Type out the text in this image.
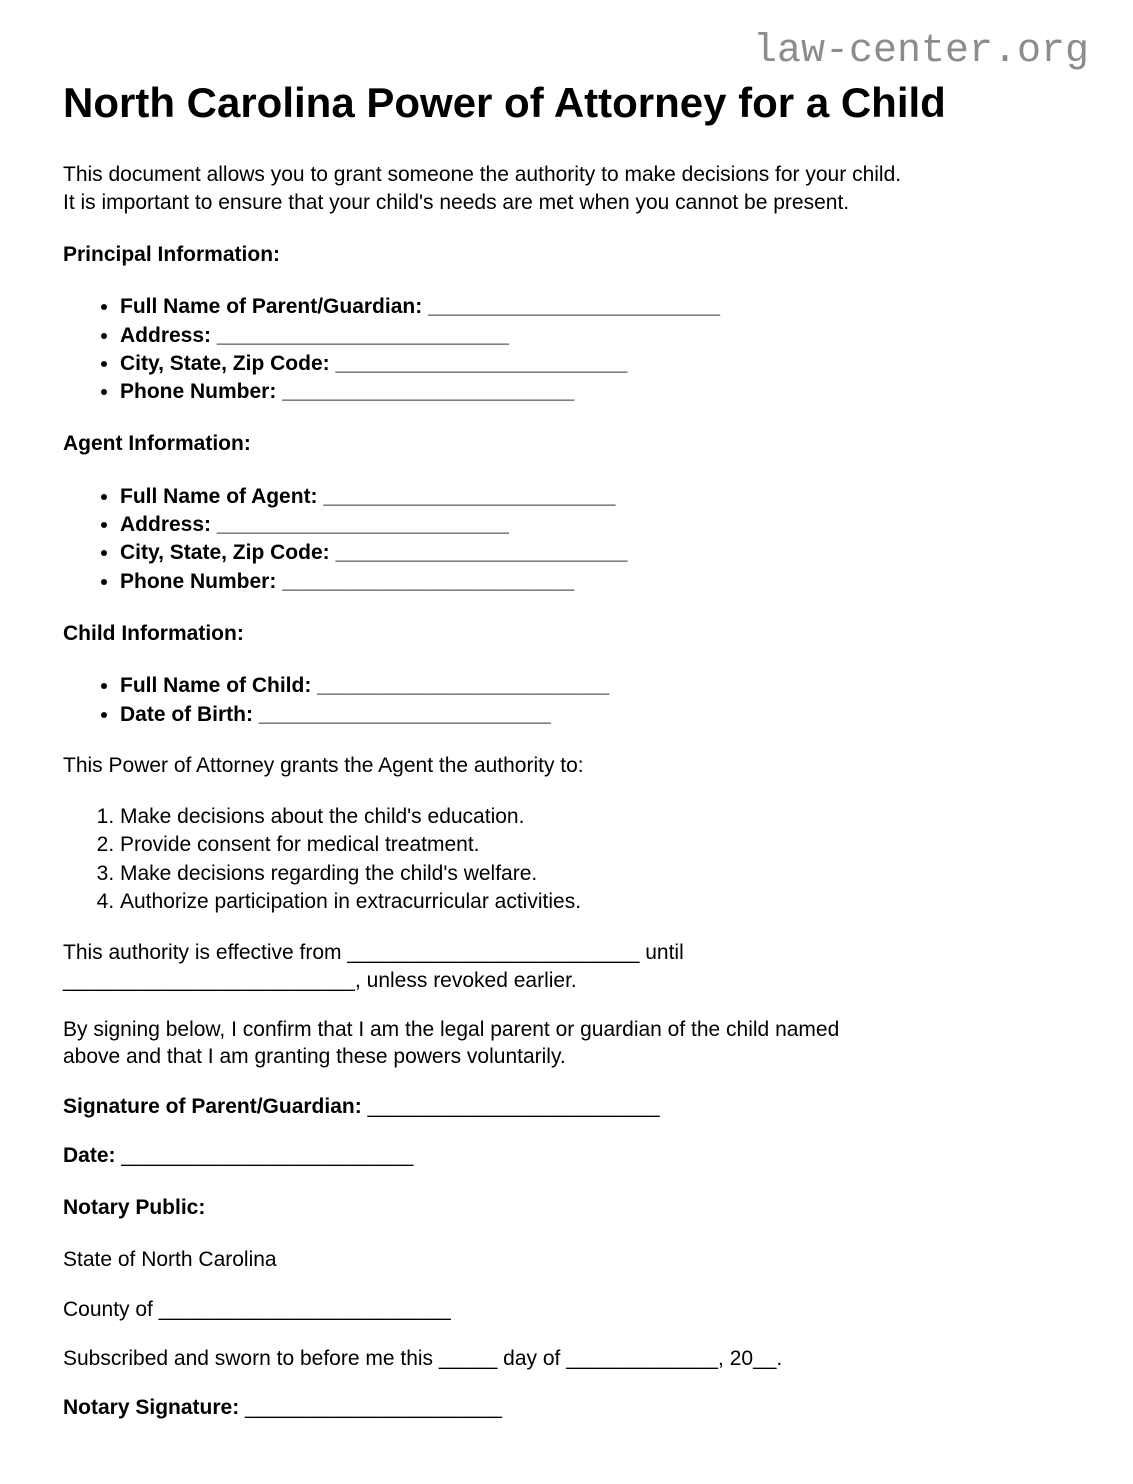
law-center.org
North Carolina Power of Attorney for a Child

This document allows you to grant someone the authority to make decisions for your child.
It is important to ensure that your child's needs are met when you cannot be present.

Principal Information:
• Full Name of Parent/Guardian: _________________________
• Address: _________________________
• City, State, Zip Code: _________________________
• Phone Number: _________________________
Agent Information:
• Full Name of Agent: _________________________
• Address: _________________________
• City, State, Zip Code: _________________________
• Phone Number: _________________________
Child Information:
• Full Name of Child: _________________________
• Date of Birth: _________________________

This Power of Attorney grants the Agent the authority to:

1. Make decisions about the child's education.
2. Provide consent for medical treatment.
3. Make decisions regarding the child's welfare.
4. Authorize participation in extracurricular activities.

This authority is effective from _________________________ until
_________________________, unless revoked earlier.

By signing below, I confirm that I am the legal parent or guardian of the child named
above and that I am granting these powers voluntarily.

Signature of Parent/Guardian: _________________________

Date: _________________________

Notary Public:

State of North Carolina

County of _________________________

Subscribed and sworn to before me this _____ day of _____________, 20__.

Notary Signature: ______________________
